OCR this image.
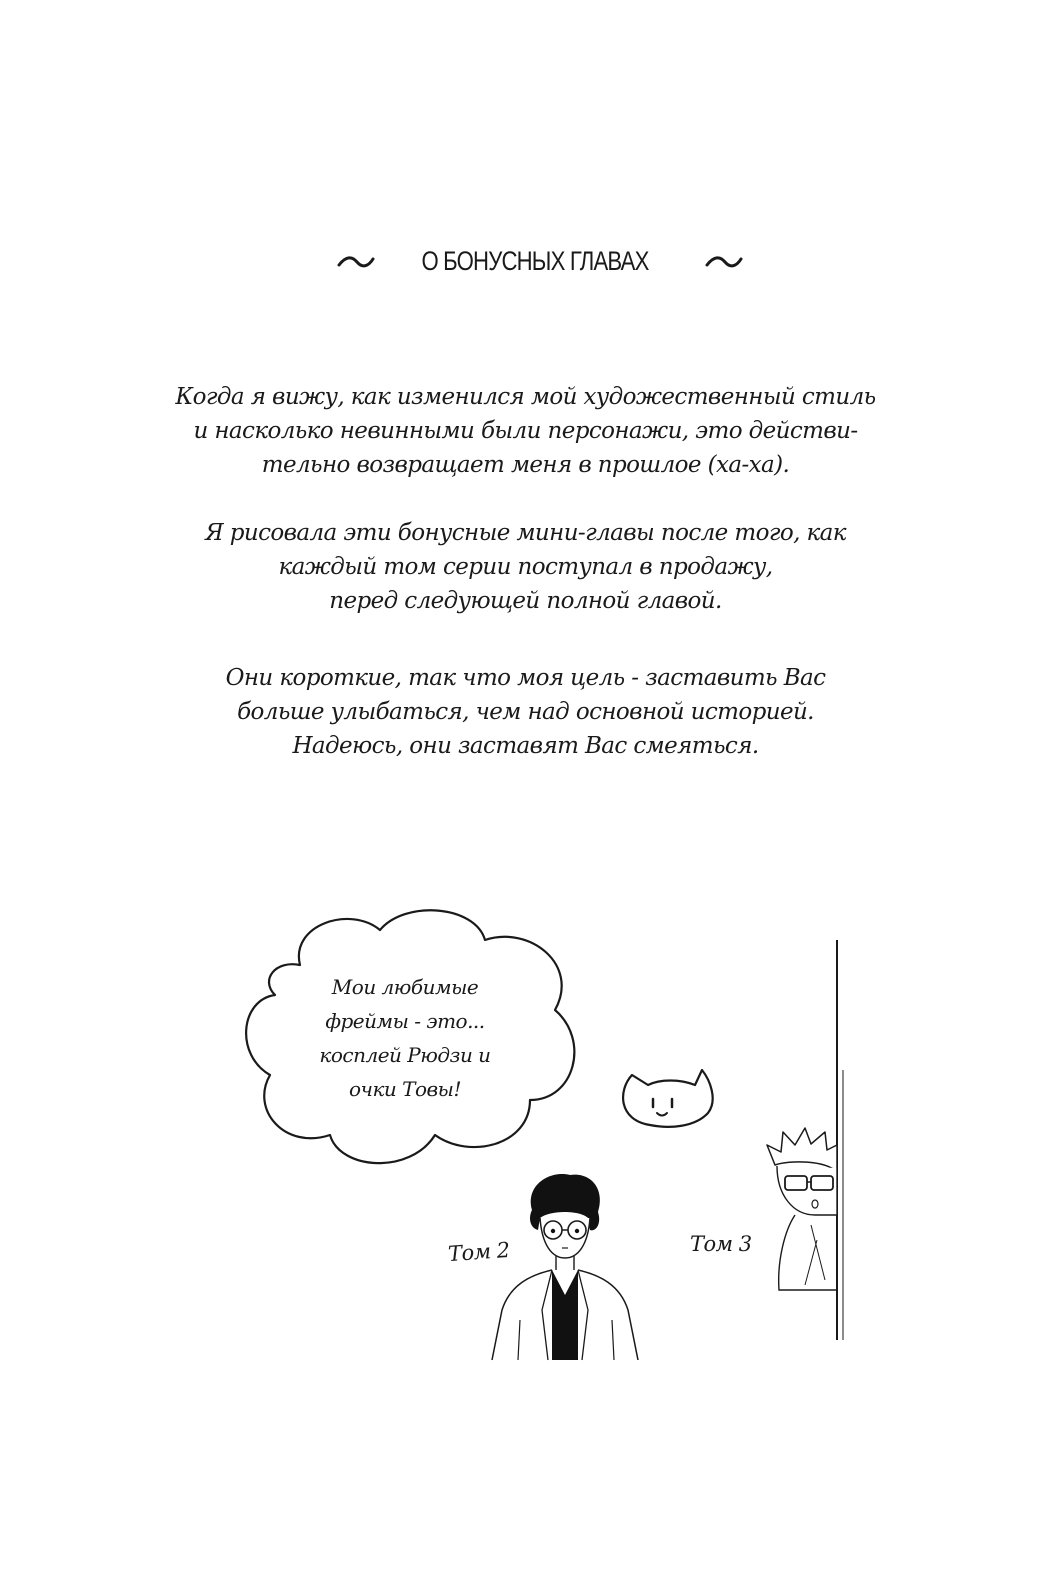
О БОНУСНЫХ ГЛАВАХ
Когда я вижу, как изменился мой художественный стиль
и насколько невинными были персонажи, это действи-
тельно возвращает меня в прошлое (ха-ха).
Я рисовала эти бонусные мини-главы после того, как
каждый том серии поступал в продажу,
перед следующей полной главой.
Они короткие, так что моя цель - заставить Вас
больше улыбаться, чем над основной историей.
Надеюсь, они заставят Вас смеяться.
Мои любимые
фреймы - это...
косплей Рюдзи и
очки Товы!
Том 2	Том 3
